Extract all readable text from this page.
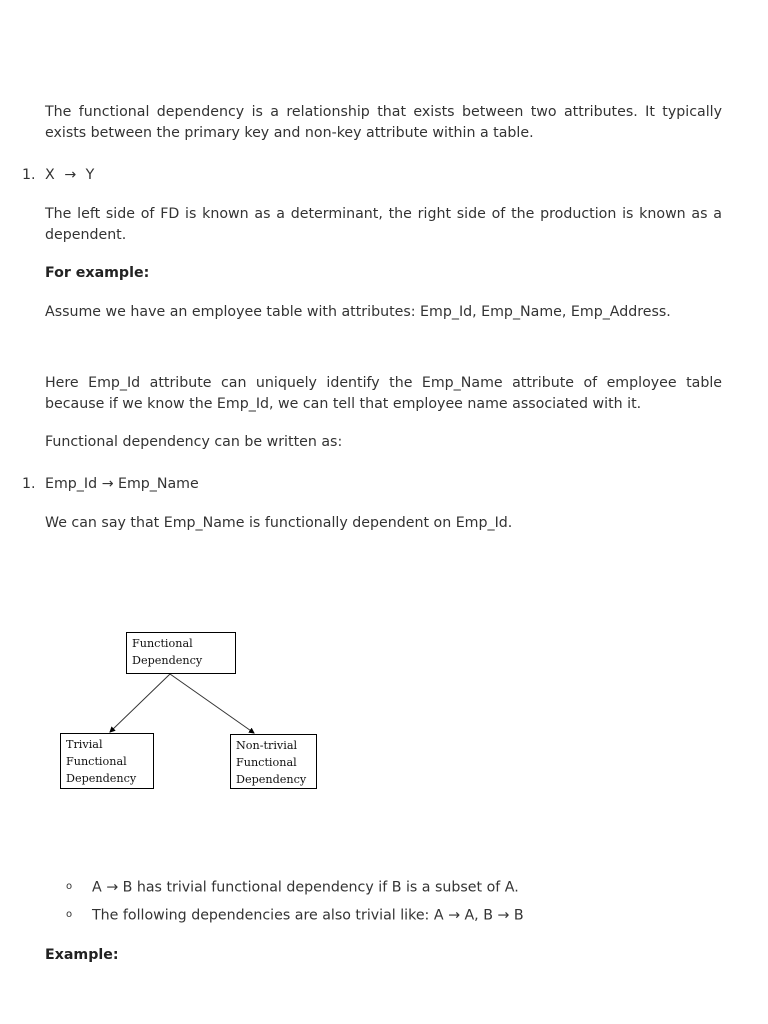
The functional dependency is a relationship that exists between two attributes. It typically exists between the primary key and non-key attribute within a table.

1. X → Y

The left side of FD is known as a determinant, the right side of the production is known as a dependent.

For example:

Assume we have an employee table with attributes: Emp_Id, Emp_Name, Emp_Address.

Here Emp_Id attribute can uniquely identify the Emp_Name attribute of employee table because if we know the Emp_Id, we can tell that employee name associated with it.

Functional dependency can be written as:

1. Emp_Id → Emp_Name

We can say that Emp_Name is functionally dependent on Emp_Id.

Functional
Dependency
Trivial
Functional
Dependency
Non-trivial
Functional
Dependency
o A → B has trivial functional dependency if B is a subset of A.
o The following dependencies are also trivial like: A → A, B → B

Example:
